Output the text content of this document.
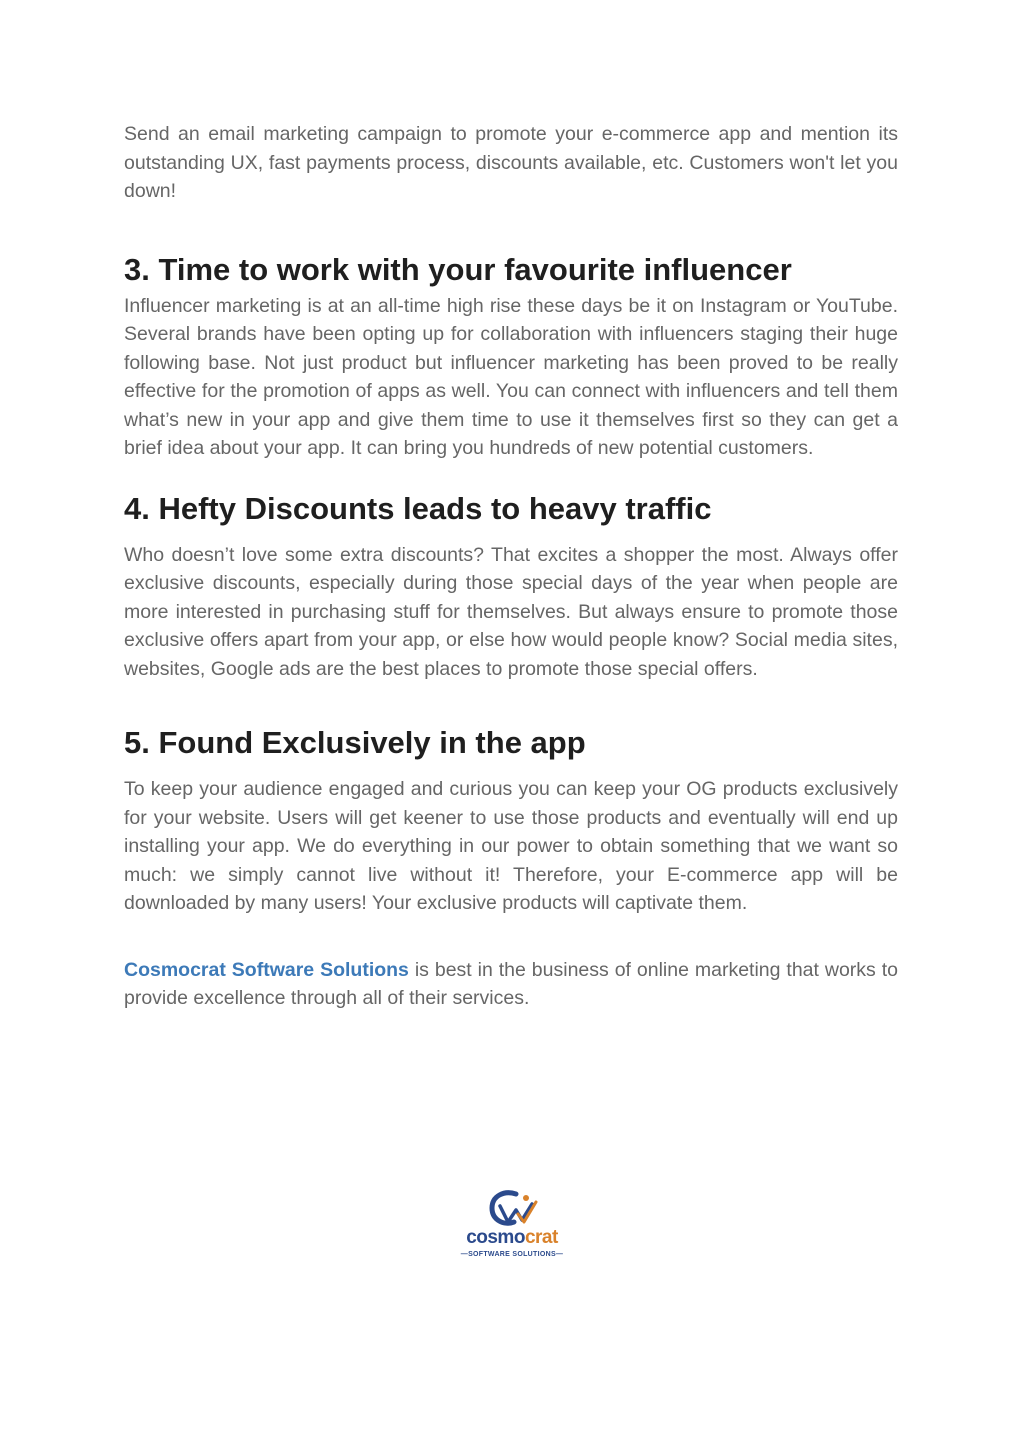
Send an email marketing campaign to promote your e-commerce app and mention its outstanding UX, fast payments process, discounts available, etc. Customers won't let you down!

3. Time to work with your favourite influencer

Influencer marketing is at an all-time high rise these days be it on Instagram or YouTube. Several brands have been opting up for collaboration with influencers staging their huge following base. Not just product but influencer marketing has been proved to be really effective for the promotion of apps as well. You can connect with influencers and tell them what’s new in your app and give them time to use it themselves first so they can get a brief idea about your app. It can bring you hundreds of new potential customers.

4. Hefty Discounts leads to heavy traffic

Who doesn’t love some extra discounts? That excites a shopper the most. Always offer exclusive discounts, especially during those special days of the year when people are more interested in purchasing stuff for themselves. But always ensure to promote those exclusive offers apart from your app, or else how would people know? Social media sites, websites, Google ads are the best places to promote those special offers.

5. Found Exclusively in the app

To keep your audience engaged and curious you can keep your OG products exclusively for your website. Users will get keener to use those products and eventually will end up installing your app. We do everything in our power to obtain something that we want so much: we simply cannot live without it! Therefore, your E-commerce app will be downloaded by many users! Your exclusive products will captivate them.

Cosmocrat Software Solutions is best in the business of online marketing that works to provide excellence through all of their services.

cosmocrat
—SOFTWARE SOLUTIONS—
